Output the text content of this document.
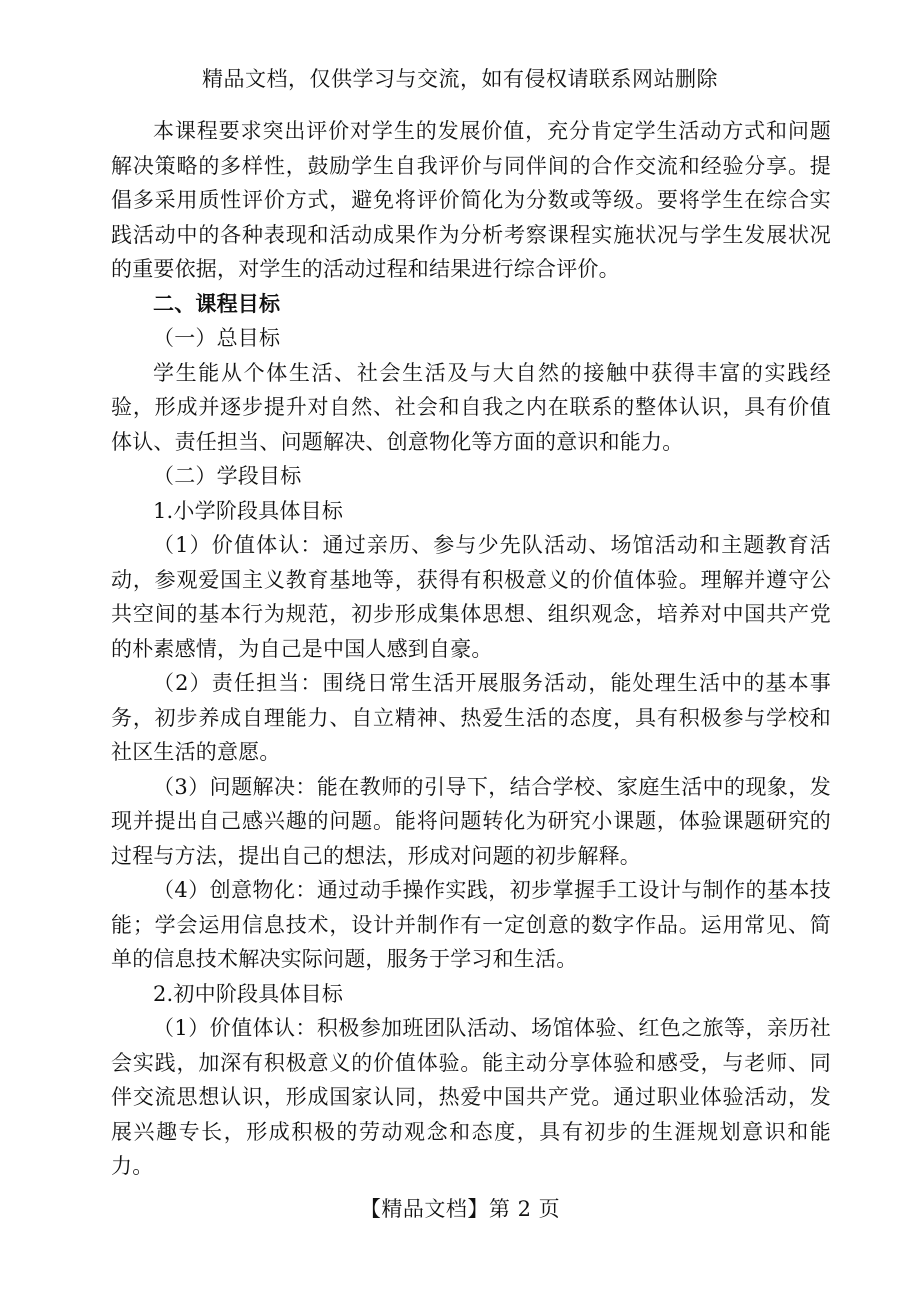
精品文档，仅供学习与交流，如有侵权请联系网站删除

本课程要求突出评价对学生的发展价值，充分肯定学生活动方式和问题解决策略的多样性，鼓励学生自我评价与同伴间的合作交流和经验分享。提倡多采用质性评价方式，避免将评价简化为分数或等级。要将学生在综合实践活动中的各种表现和活动成果作为分析考察课程实施状况与学生发展状况的重要依据，对学生的活动过程和结果进行综合评价。

二、课程目标

（一）总目标

学生能从个体生活、社会生活及与大自然的接触中获得丰富的实践经验，形成并逐步提升对自然、社会和自我之内在联系的整体认识，具有价值体认、责任担当、问题解决、创意物化等方面的意识和能力。

（二）学段目标

1.小学阶段具体目标

（1）价值体认：通过亲历、参与少先队活动、场馆活动和主题教育活动，参观爱国主义教育基地等，获得有积极意义的价值体验。理解并遵守公共空间的基本行为规范，初步形成集体思想、组织观念，培养对中国共产党的朴素感情，为自己是中国人感到自豪。

（2）责任担当：围绕日常生活开展服务活动，能处理生活中的基本事务，初步养成自理能力、自立精神、热爱生活的态度，具有积极参与学校和社区生活的意愿。

（3）问题解决：能在教师的引导下，结合学校、家庭生活中的现象，发现并提出自己感兴趣的问题。能将问题转化为研究小课题，体验课题研究的过程与方法，提出自己的想法，形成对问题的初步解释。

（4）创意物化：通过动手操作实践，初步掌握手工设计与制作的基本技能；学会运用信息技术，设计并制作有一定创意的数字作品。运用常见、简单的信息技术解决实际问题，服务于学习和生活。

2.初中阶段具体目标

（1）价值体认：积极参加班团队活动、场馆体验、红色之旅等，亲历社会实践，加深有积极意义的价值体验。能主动分享体验和感受，与老师、同伴交流思想认识，形成国家认同，热爱中国共产党。通过职业体验活动，发展兴趣专长，形成积极的劳动观念和态度，具有初步的生涯规划意识和能力。

【精品文档】第 2 页
